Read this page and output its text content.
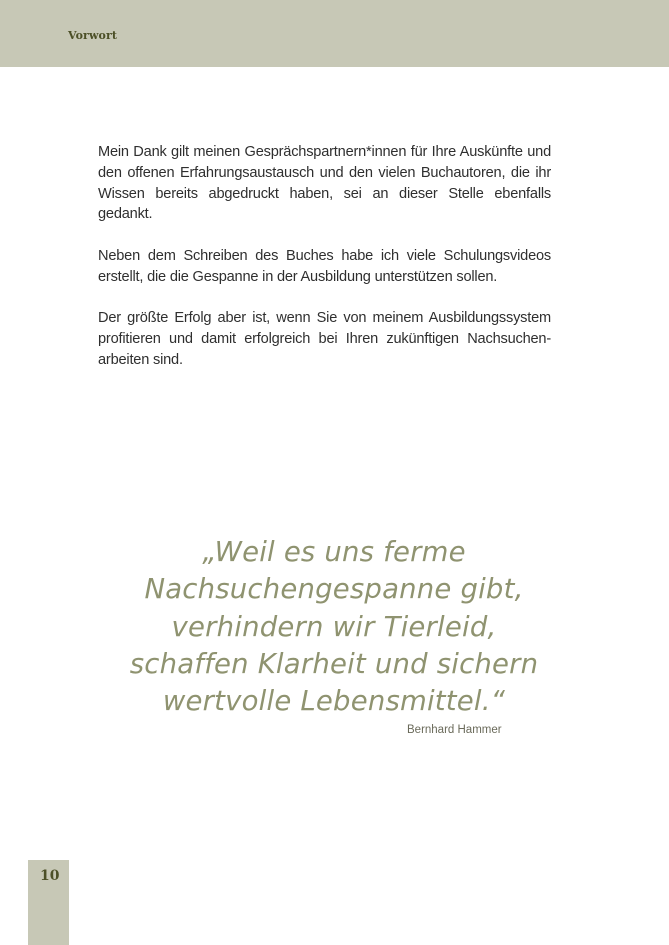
Vorwort

Mein Dank gilt meinen Gesprächspartnern*innen für Ihre Auskünfte und den offenen Erfahrungsaustausch und den vielen Buchautoren, die ihr Wissen bereits abgedruckt haben, sei an dieser Stelle ebenfalls gedankt.

Neben dem Schreiben des Buches habe ich viele Schulungsvideos erstellt, die die Gespanne in der Ausbildung unterstützen sollen.

Der größte Erfolg aber ist, wenn Sie von meinem Ausbildungssystem profitieren und damit erfolgreich bei Ihren zukünftigen Nachsuchen-arbeiten sind.

„Weil es uns ferme
Nachsuchengespanne gibt,
verhindern wir Tierleid,
schaffen Klarheit und sichern
wertvolle Lebensmittel.“
Bernhard Hammer
10
